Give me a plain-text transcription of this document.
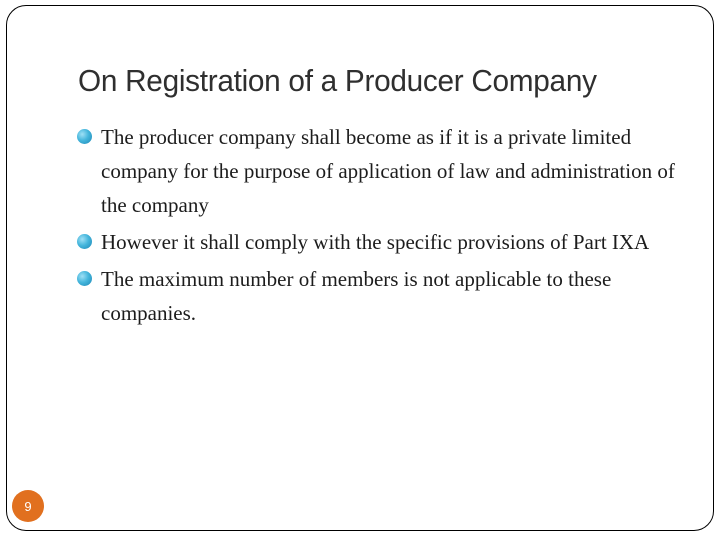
On Registration of a Producer Company
The producer company shall become as if it is a private limited company for the purpose of application of law and administration of the company
However it shall comply with the specific provisions of Part IXA
The maximum number of members is not applicable to these companies.
9
